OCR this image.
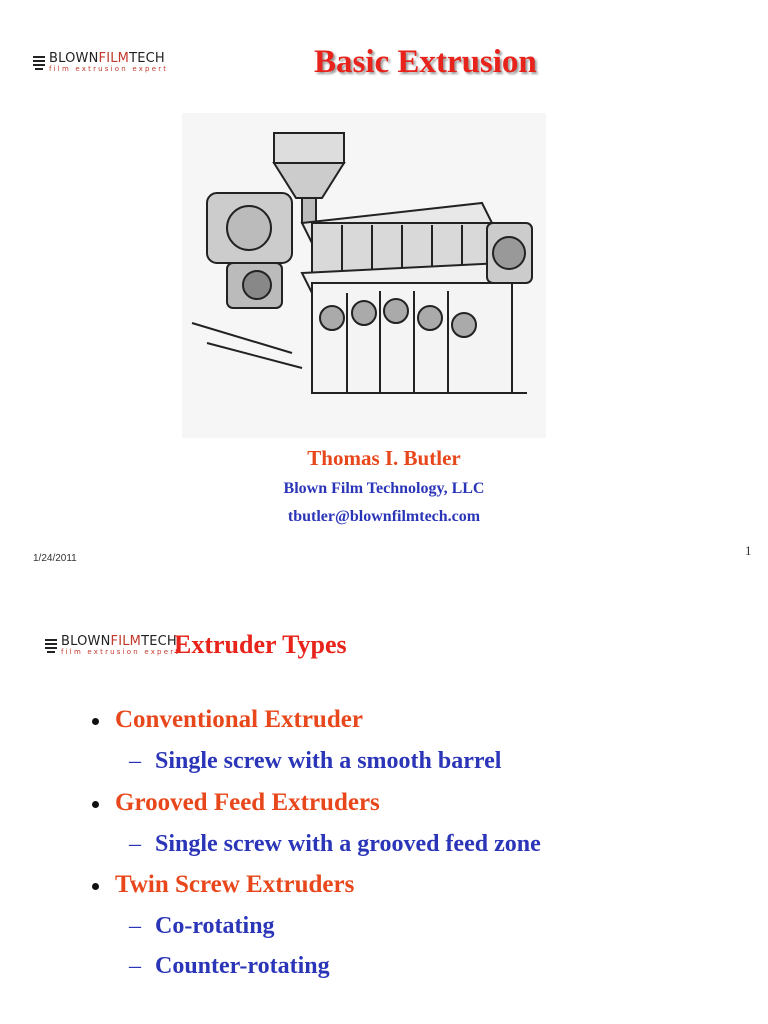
BLOWNFILMTECH
film extrusion expert	Basic Extrusion
Thomas I. Butler
Blown Film Technology, LLC
tbutler@blownfilmtech.com
1/24/2011
1
BLOWNFILMTECH
film extrusion expert
Extruder Types
Conventional Extruder
– Single screw with a smooth barrel
Grooved Feed Extruders
– Single screw with a grooved feed zone
Twin Screw Extruders
– Co-rotating
– Counter-rotating
